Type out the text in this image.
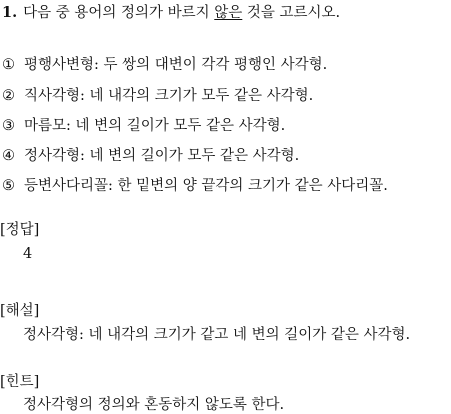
1. 다음 중 용어의 정의가 바르지 않은 것을 고르시오.
① 평행사변형: 두 쌍의 대변이 각각 평행인 사각형.
② 직사각형: 네 내각의 크기가 모두 같은 사각형.
③ 마름모: 네 변의 길이가 모두 같은 사각형.
④ 정사각형: 네 변의 길이가 모두 같은 사각형.
⑤ 등변사다리꼴: 한 밑변의 양 끝각의 크기가 같은 사다리꼴.
[정답]
4
[해설]
정사각형: 네 내각의 크기가 같고 네 변의 길이가 같은 사각형.
[힌트]
정사각형의 정의와 혼동하지 않도록 한다.
